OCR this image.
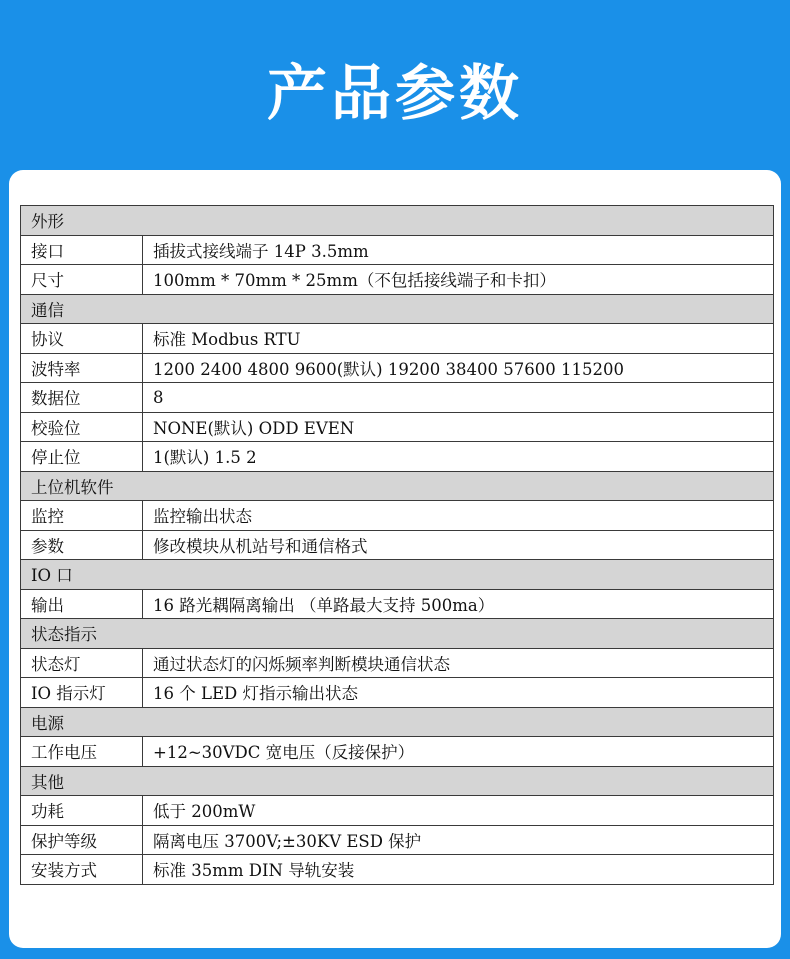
产品参数
外形	
接口	插拔式接线端子 14P 3.5mm
尺寸	100mm * 70mm * 25mm（不包括接线端子和卡扣）
通信	
协议	标准 Modbus RTU
波特率	1200 2400 4800 9600(默认) 19200 38400 57600 115200
数据位	8
校验位	NONE(默认) ODD EVEN
停止位	1(默认) 1.5 2
上位机软件	
监控	监控输出状态
参数	修改模块从机站号和通信格式
IO 口	
输出	16 路光耦隔离输出 （单路最大支持 500ma）
状态指示	
状态灯	通过状态灯的闪烁频率判断模块通信状态
IO 指示灯	16 个 LED 灯指示输出状态
电源	
工作电压	+12~30VDC 宽电压（反接保护）
其他	
功耗	低于 200mW
保护等级	隔离电压 3700V;±30KV ESD 保护
安装方式	标准 35mm DIN 导轨安装
